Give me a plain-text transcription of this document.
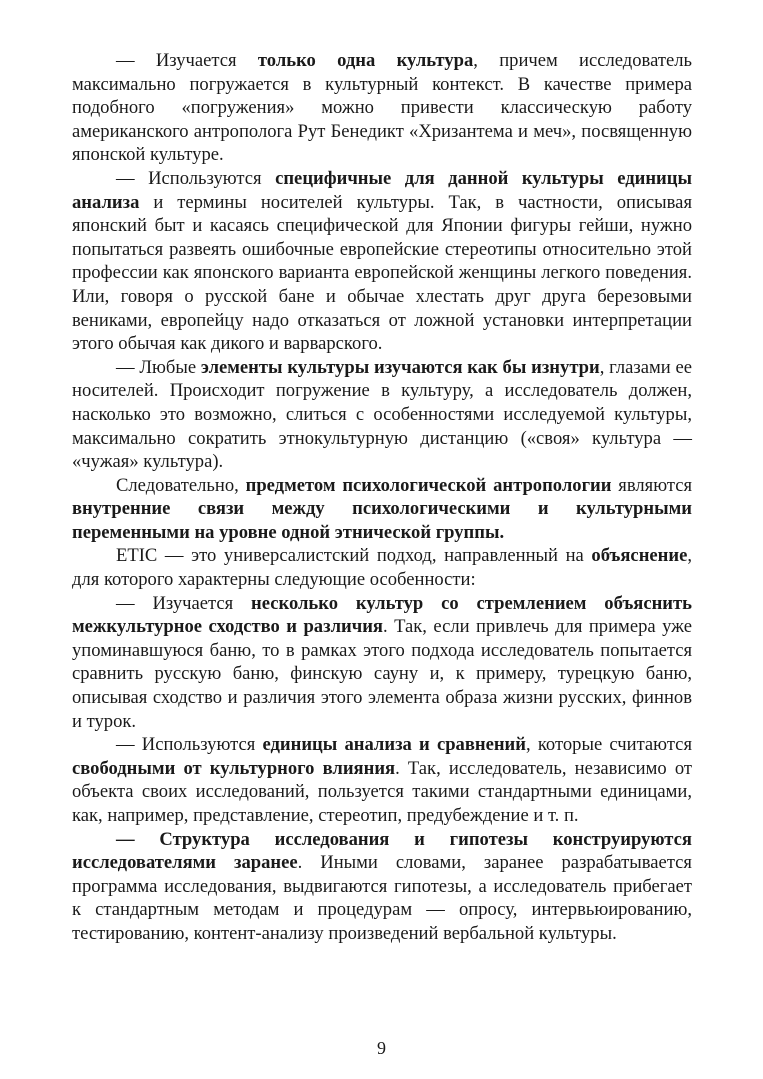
— Изучается только одна культура, причем исследователь максимально погружается в культурный контекст. В качестве примера подобного «погружения» можно привести классическую работу американского антрополога Рут Бенедикт «Хризантема и меч», посвященную японской культуре.

— Используются специфичные для данной культуры единицы анализа и термины носителей культуры. Так, в частности, описывая японский быт и касаясь специфической для Японии фигуры гейши, нужно попытаться развеять ошибочные европейские стереотипы относительно этой профессии как японского варианта европейской женщины легкого поведения. Или, говоря о русской бане и обычае хлестать друг друга березовыми вениками, европейцу надо отказаться от ложной установки интерпретации этого обычая как дикого и варварского.

— Любые элементы культуры изучаются как бы изнутри, глазами ее носителей. Происходит погружение в культуру, а исследователь должен, насколько это возможно, слиться с особенностями исследуемой культуры, максимально сократить этнокультурную дистанцию («своя» культура — «чужая» культура).

Следовательно, предметом психологической антропологии являются внутренние связи между психологическими и культурными переменными на уровне одной этнической группы.

ETIC — это универсалистский подход, направленный на объяснение, для которого характерны следующие особенности:

— Изучается несколько культур со стремлением объяснить межкультурное сходство и различия. Так, если привлечь для примера уже упоминавшуюся баню, то в рамках этого подхода исследователь попытается сравнить русскую баню, финскую сауну и, к примеру, турецкую баню, описывая сходство и различия этого элемента образа жизни русских, финнов и турок.

— Используются единицы анализа и сравнений, которые считаются свободными от культурного влияния. Так, исследователь, независимо от объекта своих исследований, пользуется такими стандартными единицами, как, например, представление, стереотип, предубеждение и т. п.

— Структура исследования и гипотезы конструируются исследователями заранее. Иными словами, заранее разрабатывается программа исследования, выдвигаются гипотезы, а исследователь прибегает к стандартным методам и процедурам — опросу, интервьюированию, тестированию, контент-анализу произведений вербальной культуры.

9
